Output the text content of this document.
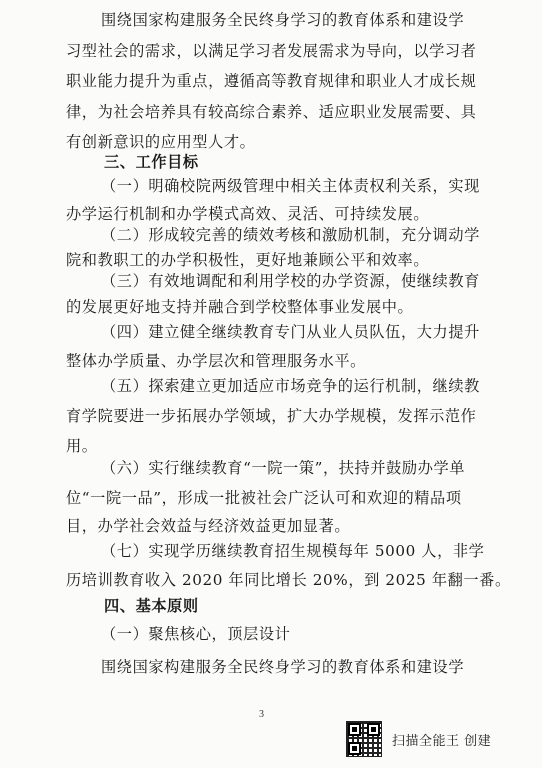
围绕国家构建服务全民终身学习的教育体系和建设学
习型社会的需求，以满足学习者发展需求为导向，以学习者
职业能力提升为重点，遵循高等教育规律和职业人才成长规
律，为社会培养具有较高综合素养、适应职业发展需要、具
有创新意识的应用型人才。
三、工作目标
（一）明确校院两级管理中相关主体责权利关系，实现
办学运行机制和办学模式高效、灵活、可持续发展。
（二）形成较完善的绩效考核和激励机制，充分调动学
院和教职工的办学积极性，更好地兼顾公平和效率。
（三）有效地调配和利用学校的办学资源，使继续教育
的发展更好地支持并融合到学校整体事业发展中。
（四）建立健全继续教育专门从业人员队伍，大力提升
整体办学质量、办学层次和管理服务水平。
（五）探索建立更加适应市场竞争的运行机制，继续教
育学院要进一步拓展办学领域，扩大办学规模，发挥示范作
用。
（六）实行继续教育“一院一策”，扶持并鼓励办学单
位“一院一品”，形成一批被社会广泛认可和欢迎的精品项
目，办学社会效益与经济效益更加显著。
（七）实现学历继续教育招生规模每年 5000 人，非学
历培训教育收入 2020 年同比增长 20%，到 2025 年翻一番。
四、基本原则
（一）聚焦核心，顶层设计
围绕国家构建服务全民终身学习的教育体系和建设学
3
扫描全能王 创建
